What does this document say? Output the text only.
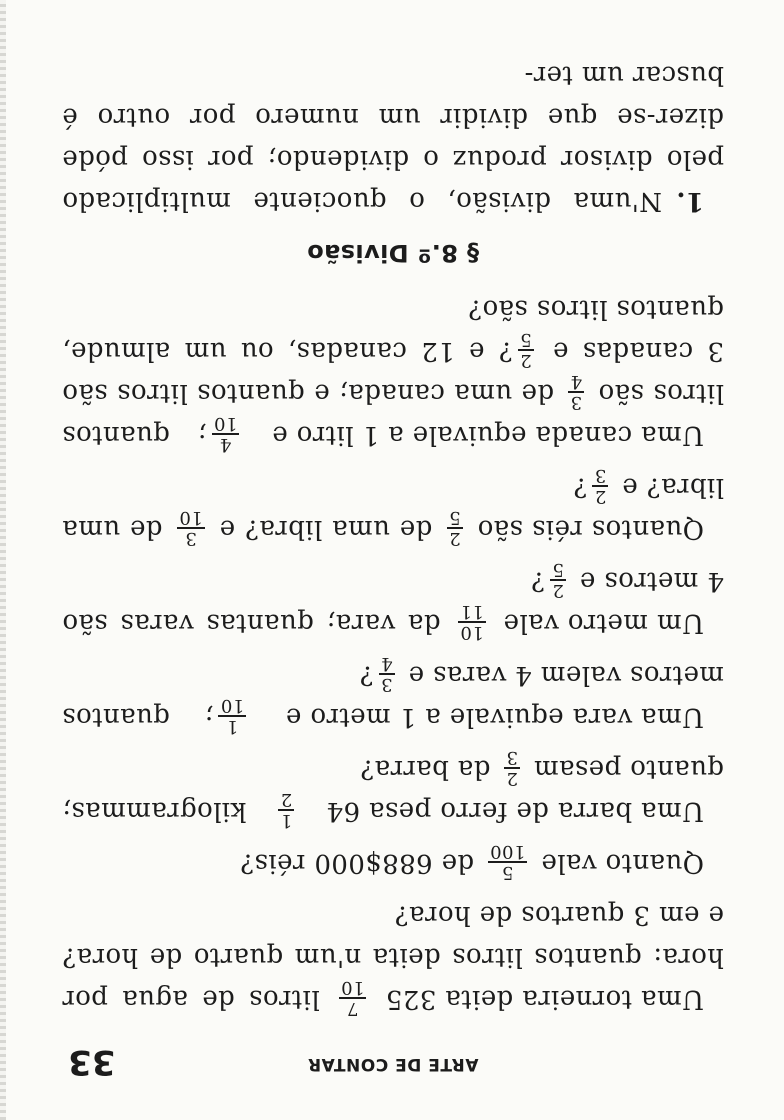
ARTE DE CONTAR
33

Uma torneira deita 325
7
10
litros de agua por hora: quantos litros deita n'um quarto de hora? e em 3 quartos de hora?

Quanto vale
5
100
de 688$000 réis?

Uma barra de ferro pesa 64
1
2
kilogrammas; quanto pesam
2
3
da barra?

Uma vara equivale a 1 metro e
1
10
; quantos metros valem 4 varas e
3
4
?

Um metro vale
10
11
da vara; quantas varas são 4 metros e
2
5
?

Quantos réis são
2
5
de uma libra? e
3
10
de uma libra? e
2
3
?

Uma canada equivale a 1 litro e
4
10
; quantos litros são
3
4
de uma canada; e quantos litros são 3 canadas e
2
5
? e 12 canadas, ou um almude, quantos litros são?

§ 8.º Divisão

1.N'uma divisão, o quociente multiplicado pelo divisor produz o dividendo; por isso póde dizer-se que dividir um numero por outro é buscar um ter-
